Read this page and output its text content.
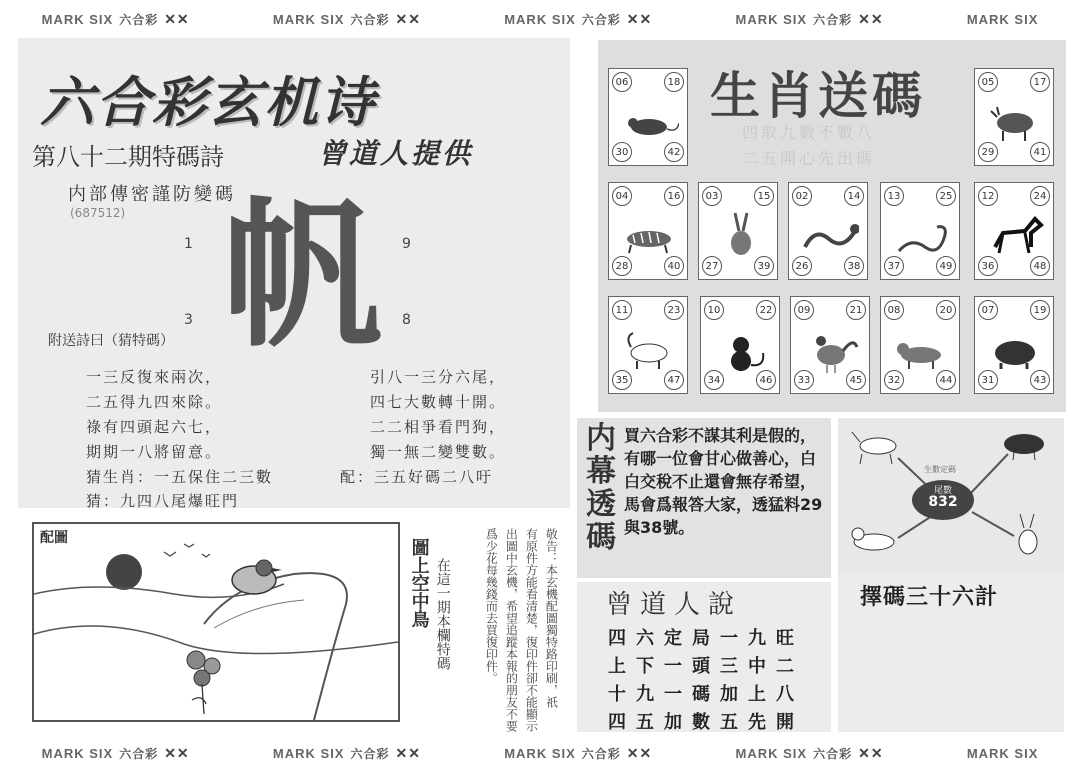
MARK SIX 六合彩 ✕✕	MARK SIX 六合彩 ✕✕	MARK SIX 六合彩 ✕✕	MARK SIX 六合彩 ✕✕	MARK SIX
MARK SIX 六合彩 ✕✕	MARK SIX 六合彩 ✕✕	MARK SIX 六合彩 ✕✕	MARK SIX 六合彩 ✕✕	MARK SIX
六合彩玄机诗
第八十二期特碼詩	曾道人提供
内部傳密謹防變碼
(687512) 帆
1	9
3	8
附送詩曰（猜特碼）
一三反復來兩次，
二五得九四來除。
祿有四頭起六七，
期期一八將留意。
引八一三分六尾，
四七大數轉十開。
二二相爭看門狗，
獨一無二變雙數。
猜生肖：一五保住二三數
猜：九四八尾爆旺門
配：三五好碼二八吁
配圖	圖上空中鳥 在這一期本欄特碼	敬告：本玄機配圖獨特路印刷，祇
有原件方能看清楚，復印件卻不能顯示
出圖中玄機，希望追蹤本報的朋友不要
爲少花每幾錢而去買復印件。
生肖送碼
四取九數不數八
二五開心先出碼
06	18
30	42
05	17
29	41
04	16
28	40
03	15
27	39
02	14
26	38
13	25
37	49
12	24
36	48
11	23
35	47
10	22
34	46
09	21
33	45
08	20
32	44
07	19
31	43
内
幕
透
碼
買六合彩不謀其利是假的，有哪一位會甘心做善心，白白交稅不止還會無存希望，馬會爲報答大家，透猛料29與38號。
曾道人說
四六定局一九旺
上下一頭三中二
十九一碼加上八
四五加數五先開
生數定碼
尾數
832
擇碼三十六計
